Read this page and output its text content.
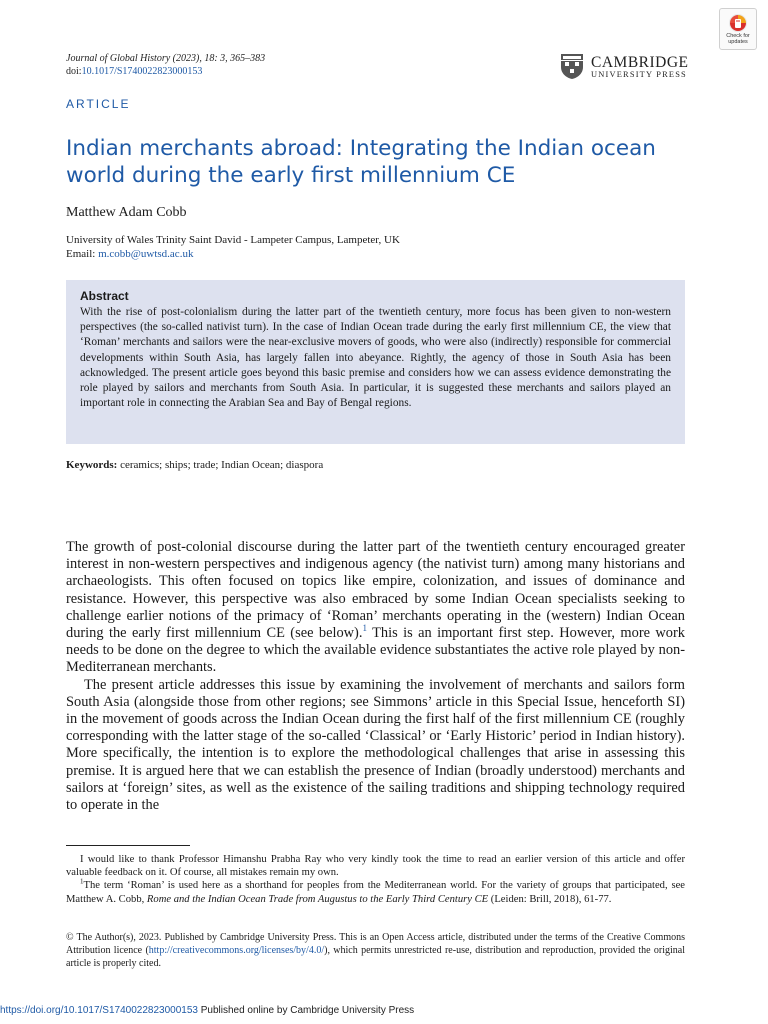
Journal of Global History (2023), 18: 3, 365–383
doi:10.1017/S1740022823000153
CAMBRIDGE
UNIVERSITY PRESS
Check for updates
ARTICLE
Indian merchants abroad: Integrating the Indian ocean world during the early first millennium CE
Matthew Adam Cobb
University of Wales Trinity Saint David - Lampeter Campus, Lampeter, UK
Email: m.cobb@uwtsd.ac.uk
Abstract
With the rise of post-colonialism during the latter part of the twentieth century, more focus has been given to non-western perspectives (the so-called nativist turn). In the case of Indian Ocean trade during the early first millennium CE, the view that ‘Roman’ merchants and sailors were the near-exclusive movers of goods, who were also (indirectly) responsible for commercial developments within South Asia, has largely fallen into abeyance. Rightly, the agency of those in South Asia has been acknowledged. The present article goes beyond this basic premise and considers how we can assess evidence demonstrating the role played by sailors and merchants from South Asia. In particular, it is suggested these merchants and sailors played an important role in connecting the Arabian Sea and Bay of Bengal regions.
Keywords: ceramics; ships; trade; Indian Ocean; diaspora

The growth of post-colonial discourse during the latter part of the twentieth century encouraged greater interest in non-western perspectives and indigenous agency (the nativist turn) among many historians and archaeologists. This often focused on topics like empire, colonization, and issues of dominance and resistance. However, this perspective was also embraced by some Indian Ocean specialists seeking to challenge earlier notions of the primacy of ‘Roman’ merchants operating in the (western) Indian Ocean during the early first millennium CE (see below).$^1$ This is an important first step. However, more work needs to be done on the degree to which the available evidence substantiates the active role played by non-Mediterranean merchants.

The present article addresses this issue by examining the involvement of merchants and sailors form South Asia (alongside those from other regions; see Simmons’ article in this Special Issue, henceforth SI) in the movement of goods across the Indian Ocean during the first half of the first millennium CE (roughly corresponding with the latter stage of the so-called ‘Classical’ or ‘Early Historic’ period in Indian history). More specifically, the intention is to explore the methodological challenges that arise in assessing this premise. It is argued here that we can establish the presence of Indian (broadly understood) merchants and sailors at ‘foreign’ sites, as well as the existence of the sailing traditions and shipping technology required to operate in the

I would like to thank Professor Himanshu Prabha Ray who very kindly took the time to read an earlier version of this article and offer valuable feedback on it. Of course, all mistakes remain my own.

$^1$The term ‘Roman’ is used here as a shorthand for peoples from the Mediterranean world. For the variety of groups that participated, see Matthew A. Cobb, Rome and the Indian Ocean Trade from Augustus to the Early Third Century CE (Leiden: Brill, 2018), 61-77.

© The Author(s), 2023. Published by Cambridge University Press. This is an Open Access article, distributed under the terms of the Creative Commons Attribution licence (http://creativecommons.org/licenses/by/4.0/), which permits unrestricted re-use, distribution and reproduction, provided the original article is properly cited.
https://doi.org/10.1017/S1740022823000153 Published online by Cambridge University Press
